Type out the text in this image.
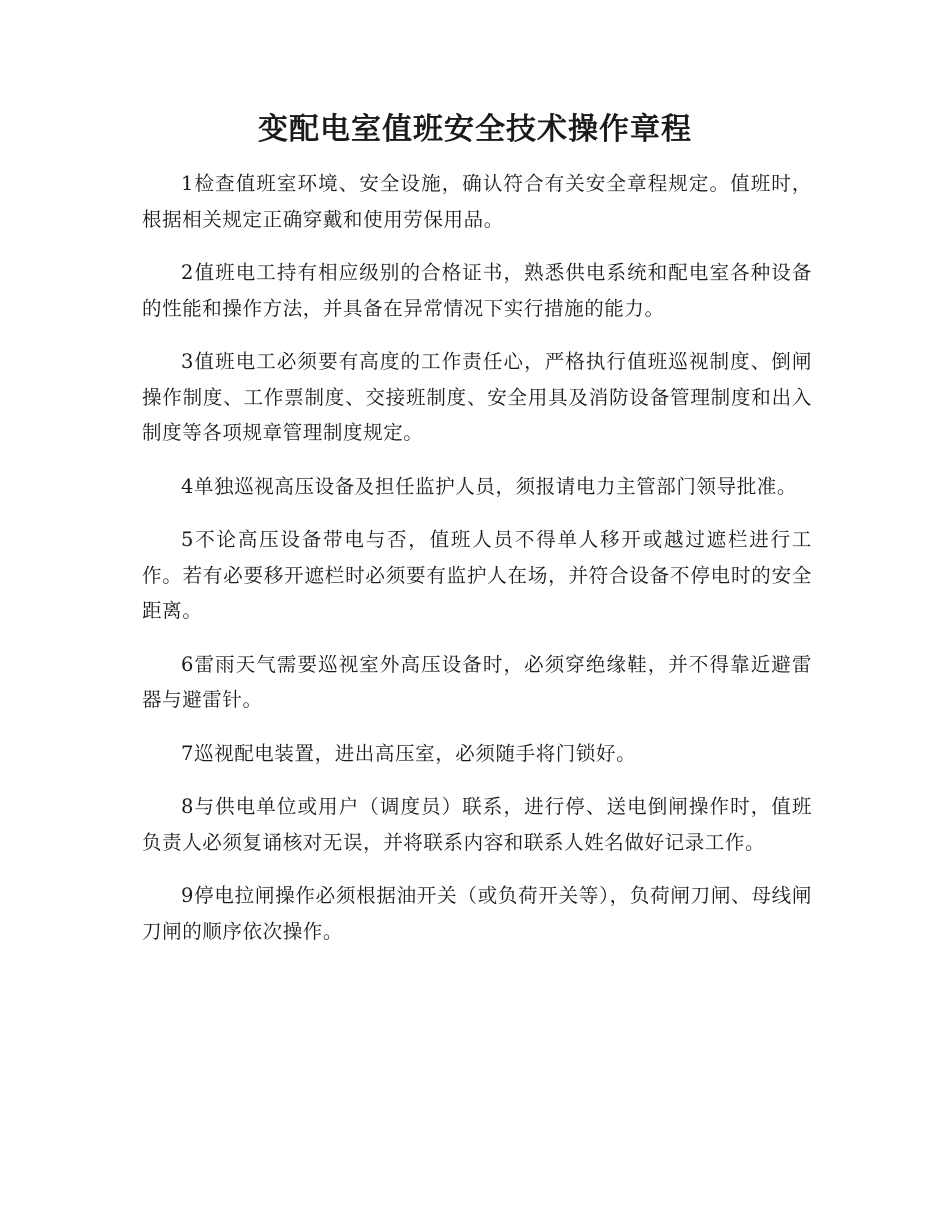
变配电室值班安全技术操作章程

1检查值班室环境、安全设施，确认符合有关安全章程规定。值班时，根据相关规定正确穿戴和使用劳保用品。

2值班电工持有相应级别的合格证书，熟悉供电系统和配电室各种设备的性能和操作方法，并具备在异常情况下实行措施的能力。

3值班电工必须要有高度的工作责任心，严格执行值班巡视制度、倒闸操作制度、工作票制度、交接班制度、安全用具及消防设备管理制度和出入制度等各项规章管理制度规定。

4单独巡视高压设备及担任监护人员，须报请电力主管部门领导批准。

5不论高压设备带电与否，值班人员不得单人移开或越过遮栏进行工作。若有必要移开遮栏时必须要有监护人在场，并符合设备不停电时的安全距离。

6雷雨天气需要巡视室外高压设备时，必须穿绝缘鞋，并不得靠近避雷器与避雷针。

7巡视配电装置，进出高压室，必须随手将门锁好。

8与供电单位或用户（调度员）联系，进行停、送电倒闸操作时，值班负责人必须复诵核对无误，并将联系内容和联系人姓名做好记录工作。

9停电拉闸操作必须根据油开关（或负荷开关等），负荷闸刀闸、母线闸刀闸的顺序依次操作。
